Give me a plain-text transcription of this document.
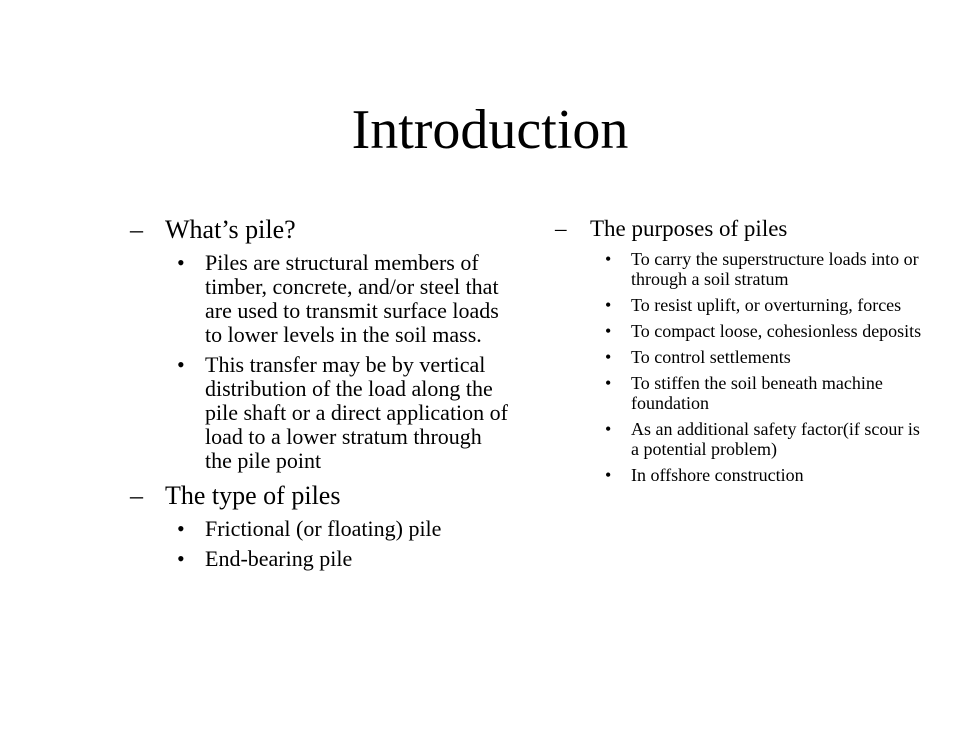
Introduction
– What’s pile?
• Piles are structural members of timber, concrete, and/or steel that are used to transmit surface loads to lower levels in the soil mass.
• This transfer may be by vertical distribution of the load along the pile shaft or a direct application of load to a lower stratum through the pile point
– The type of piles
• Frictional (or floating) pile
• End-bearing pile
– The purposes of piles
• To carry the superstructure loads into or through a soil stratum
• To resist uplift, or overturning, forces
• To compact loose, cohesionless deposits
• To control settlements
• To stiffen the soil beneath machine foundation
• As an additional safety factor(if scour is a potential problem)
• In offshore construction
